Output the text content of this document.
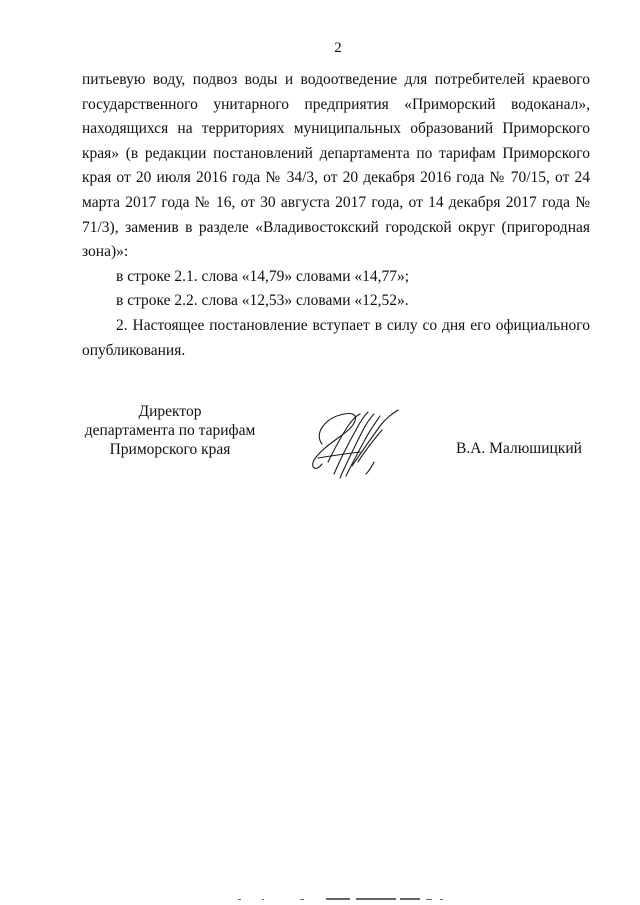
2

питьевую воду, подвоз воды и водоотведение для потребителей краевого государственного унитарного предприятия «Приморский водоканал», находящихся на территориях муниципальных образований Приморского края» (в редакции постановлений департамента по тарифам Приморского края от 20 июля 2016 года № 34/3, от 20 декабря 2016 года № 70/15, от 24 марта 2017 года № 16, от 30 августа 2017 года, от 14 декабря 2017 года № 71/3), заменив в разделе «Владивостокский городской округ (пригородная зона)»:

в строке 2.1. слова «14,79» словами «14,77»;

в строке 2.2. слова «12,53» словами «12,52».

2. Настоящее постановление вступает в силу со дня его официального опубликования.

Директор
департамента по тарифам
Приморского края	В.А. Малюшицкий
